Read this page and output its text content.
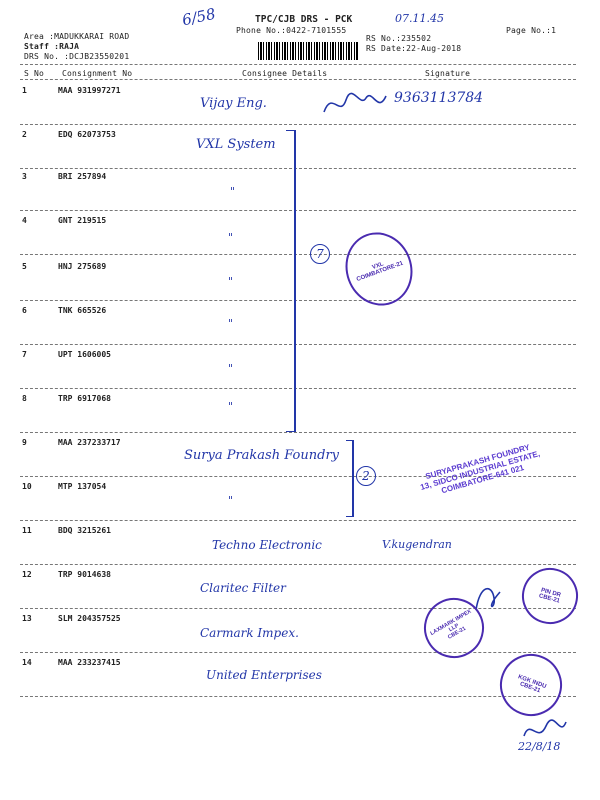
6/58	TPC/CJB DRS - PCK
Phone No.:0422-7101555
07.11.45
Page No.:1
Area :MADUKKARAI ROAD
Staff :RAJA
DRS No. :DCJB23550201
RS No.:235502
RS Date:22-Aug-2018
S No Consignment No	Consignee Details	Signature
1	MAA 931997271
Vijay Eng.	9363113784
2	EDQ 62073753
VXL System
3	BRI 257894
"
4	GNT 219515
"
5	HNJ 275689
"
6	TNK 665526
"
7	UPT 1606005
"
8	TRP 6917068
"
9	MAA 237233717
Surya Prakash Foundry
10	MTP 137054
"
11	BDQ 3215261
Techno Electronic	V.kugendran
12	TRP 9014638
Claritec Filter
13	SLM 204357525
Carmark Impex.
14	MAA 233237415
United Enterprises
7
2
22/8/18
VXL
COIMBATORE-21
SURYAPRAKASH FOUNDRY
13, SIDCO INDUSTRIAL ESTATE,
COIMBATORE-641 021
LAXMARK IMPEX LLP
CBE-21
PIN DR
CBE-21
KGK INDU
CBE-21
